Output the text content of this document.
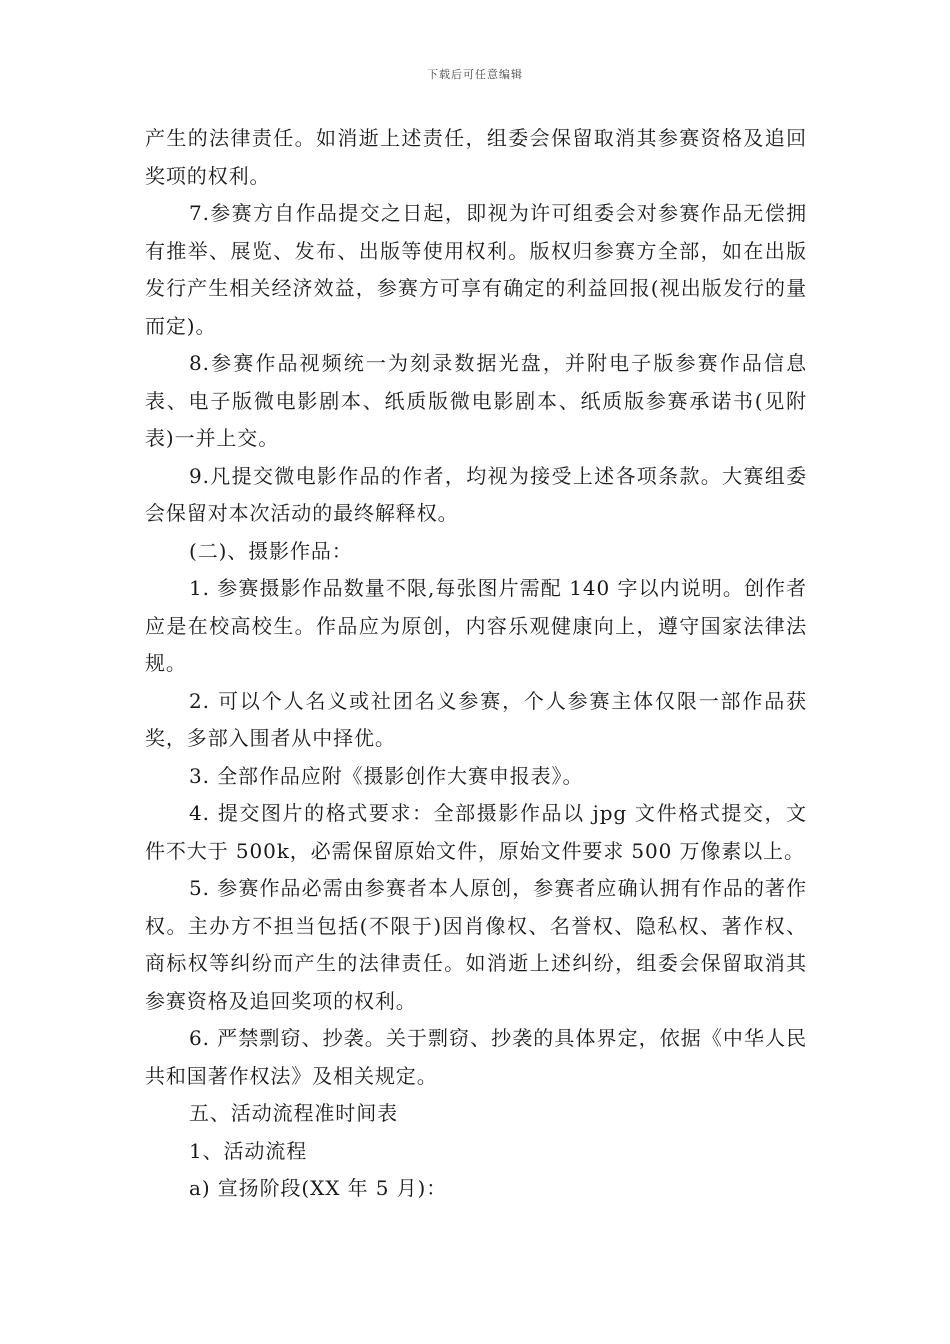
下载后可任意编辑

产生的法律责任。如消逝上述责任，组委会保留取消其参赛资格及追回奖项的权利。

7.参赛方自作品提交之日起，即视为许可组委会对参赛作品无偿拥有推举、展览、发布、出版等使用权利。版权归参赛方全部，如在出版发行产生相关经济效益，参赛方可享有确定的利益回报(视出版发行的量而定)。

8.参赛作品视频统一为刻录数据光盘，并附电子版参赛作品信息表、电子版微电影剧本、纸质版微电影剧本、纸质版参赛承诺书(见附表)一并上交。

9.凡提交微电影作品的作者，均视为接受上述各项条款。大赛组委会保留对本次活动的最终解释权。

(二)、摄影作品：

1. 参赛摄影作品数量不限,每张图片需配 140 字以内说明。创作者应是在校高校生。作品应为原创，内容乐观健康向上，遵守国家法律法规。

2. 可以个人名义或社团名义参赛，个人参赛主体仅限一部作品获奖，多部入围者从中择优。

3. 全部作品应附《摄影创作大赛申报表》。

4. 提交图片的格式要求：全部摄影作品以 jpg 文件格式提交，文件不大于 500k，必需保留原始文件，原始文件要求 500 万像素以上。

5. 参赛作品必需由参赛者本人原创，参赛者应确认拥有作品的著作权。主办方不担当包括(不限于)因肖像权、名誉权、隐私权、著作权、商标权等纠纷而产生的法律责任。如消逝上述纠纷，组委会保留取消其参赛资格及追回奖项的权利。

6. 严禁剽窃、抄袭。关于剽窃、抄袭的具体界定，依据《中华人民共和国著作权法》及相关规定。

五、活动流程准时间表

1、活动流程

a) 宣扬阶段(XX 年 5 月)：
